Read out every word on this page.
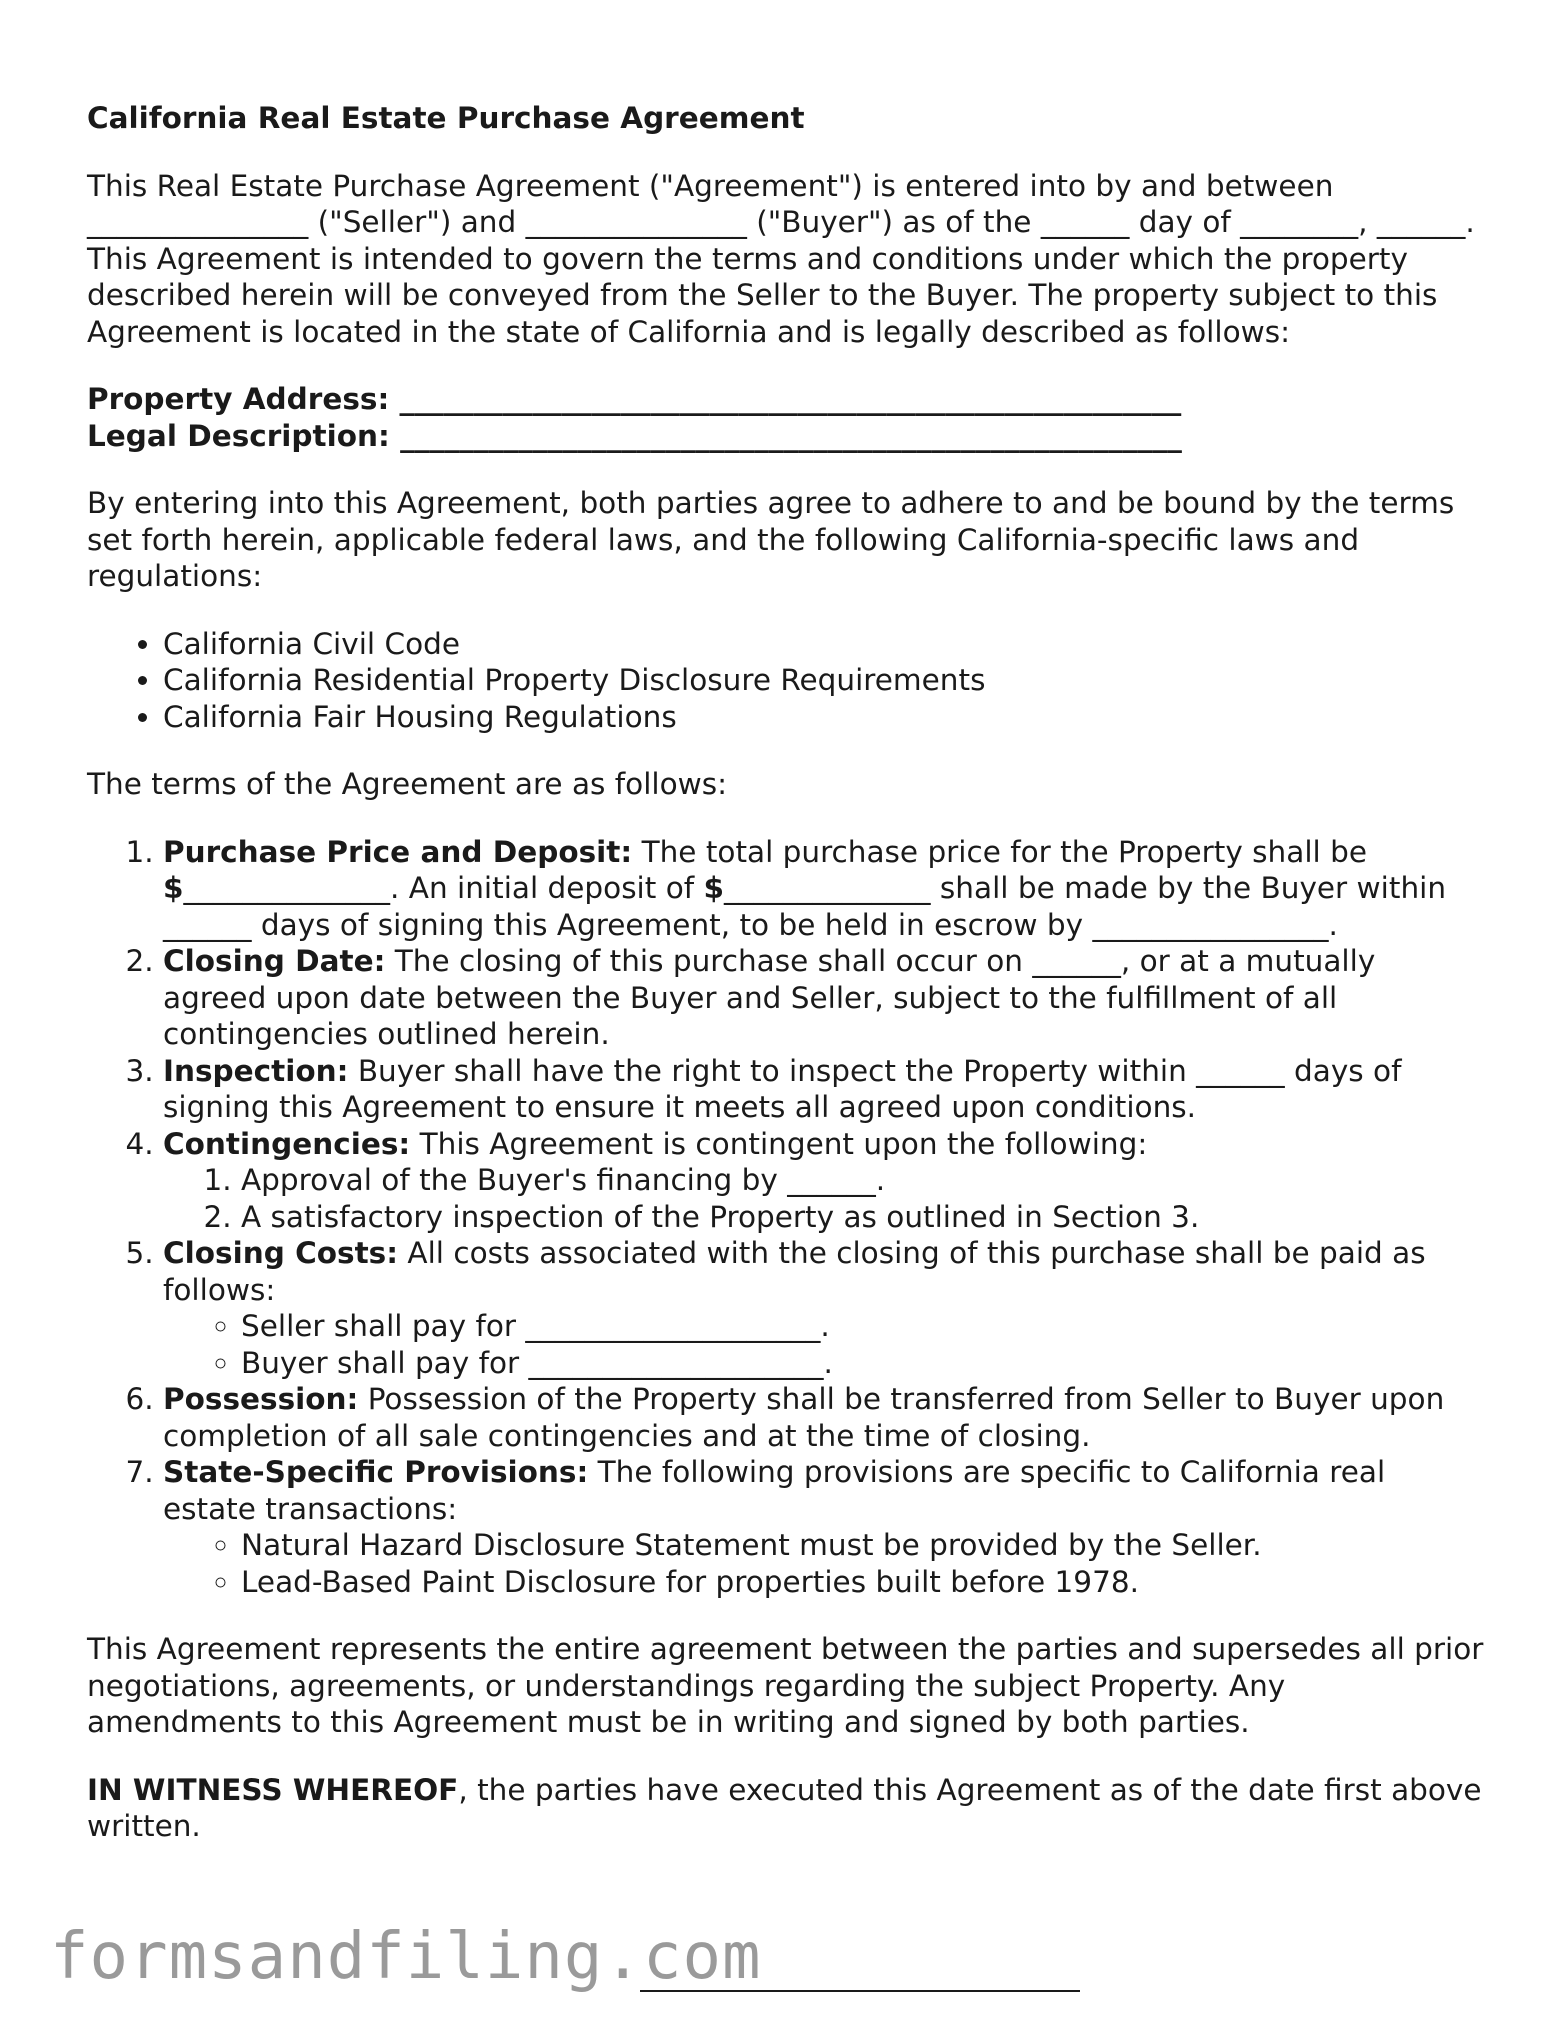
California Real Estate Purchase Agreement

This Real Estate Purchase Agreement ("Agreement") is entered into by and between _______________ ("Seller") and _______________ ("Buyer") as of the ______ day of ________, ______. This Agreement is intended to govern the terms and conditions under which the property described herein will be conveyed from the Seller to the Buyer. The property subject to this Agreement is located in the state of California and is legally described as follows:

Property Address: _____________________________________________________
Legal Description: _____________________________________________________

By entering into this Agreement, both parties agree to adhere to and be bound by the terms set forth herein, applicable federal laws, and the following California-specific laws and regulations:

• California Civil Code
• California Residential Property Disclosure Requirements
• California Fair Housing Regulations

The terms of the Agreement are as follows:

1. Purchase Price and Deposit: The total purchase price for the Property shall be $______________. An initial deposit of $______________ shall be made by the Buyer within ______ days of signing this Agreement, to be held in escrow by ________________.
2. Closing Date: The closing of this purchase shall occur on ______, or at a mutually agreed upon date between the Buyer and Seller, subject to the fulfillment of all contingencies outlined herein.
3. Inspection: Buyer shall have the right to inspect the Property within ______ days of signing this Agreement to ensure it meets all agreed upon conditions.
4. Contingencies: This Agreement is contingent upon the following:
1. Approval of the Buyer's financing by ______.
2. A satisfactory inspection of the Property as outlined in Section 3.
5. Closing Costs: All costs associated with the closing of this purchase shall be paid as follows:
◦ Seller shall pay for ____________________.
◦ Buyer shall pay for ____________________.
6. Possession: Possession of the Property shall be transferred from Seller to Buyer upon completion of all sale contingencies and at the time of closing.
7. State-Specific Provisions: The following provisions are specific to California real estate transactions:
◦ Natural Hazard Disclosure Statement must be provided by the Seller.
◦ Lead-Based Paint Disclosure for properties built before 1978.

This Agreement represents the entire agreement between the parties and supersedes all prior negotiations, agreements, or understandings regarding the subject Property. Any amendments to this Agreement must be in writing and signed by both parties.

IN WITNESS WHEREOF, the parties have executed this Agreement as of the date first above written.

formsandfiling.com
